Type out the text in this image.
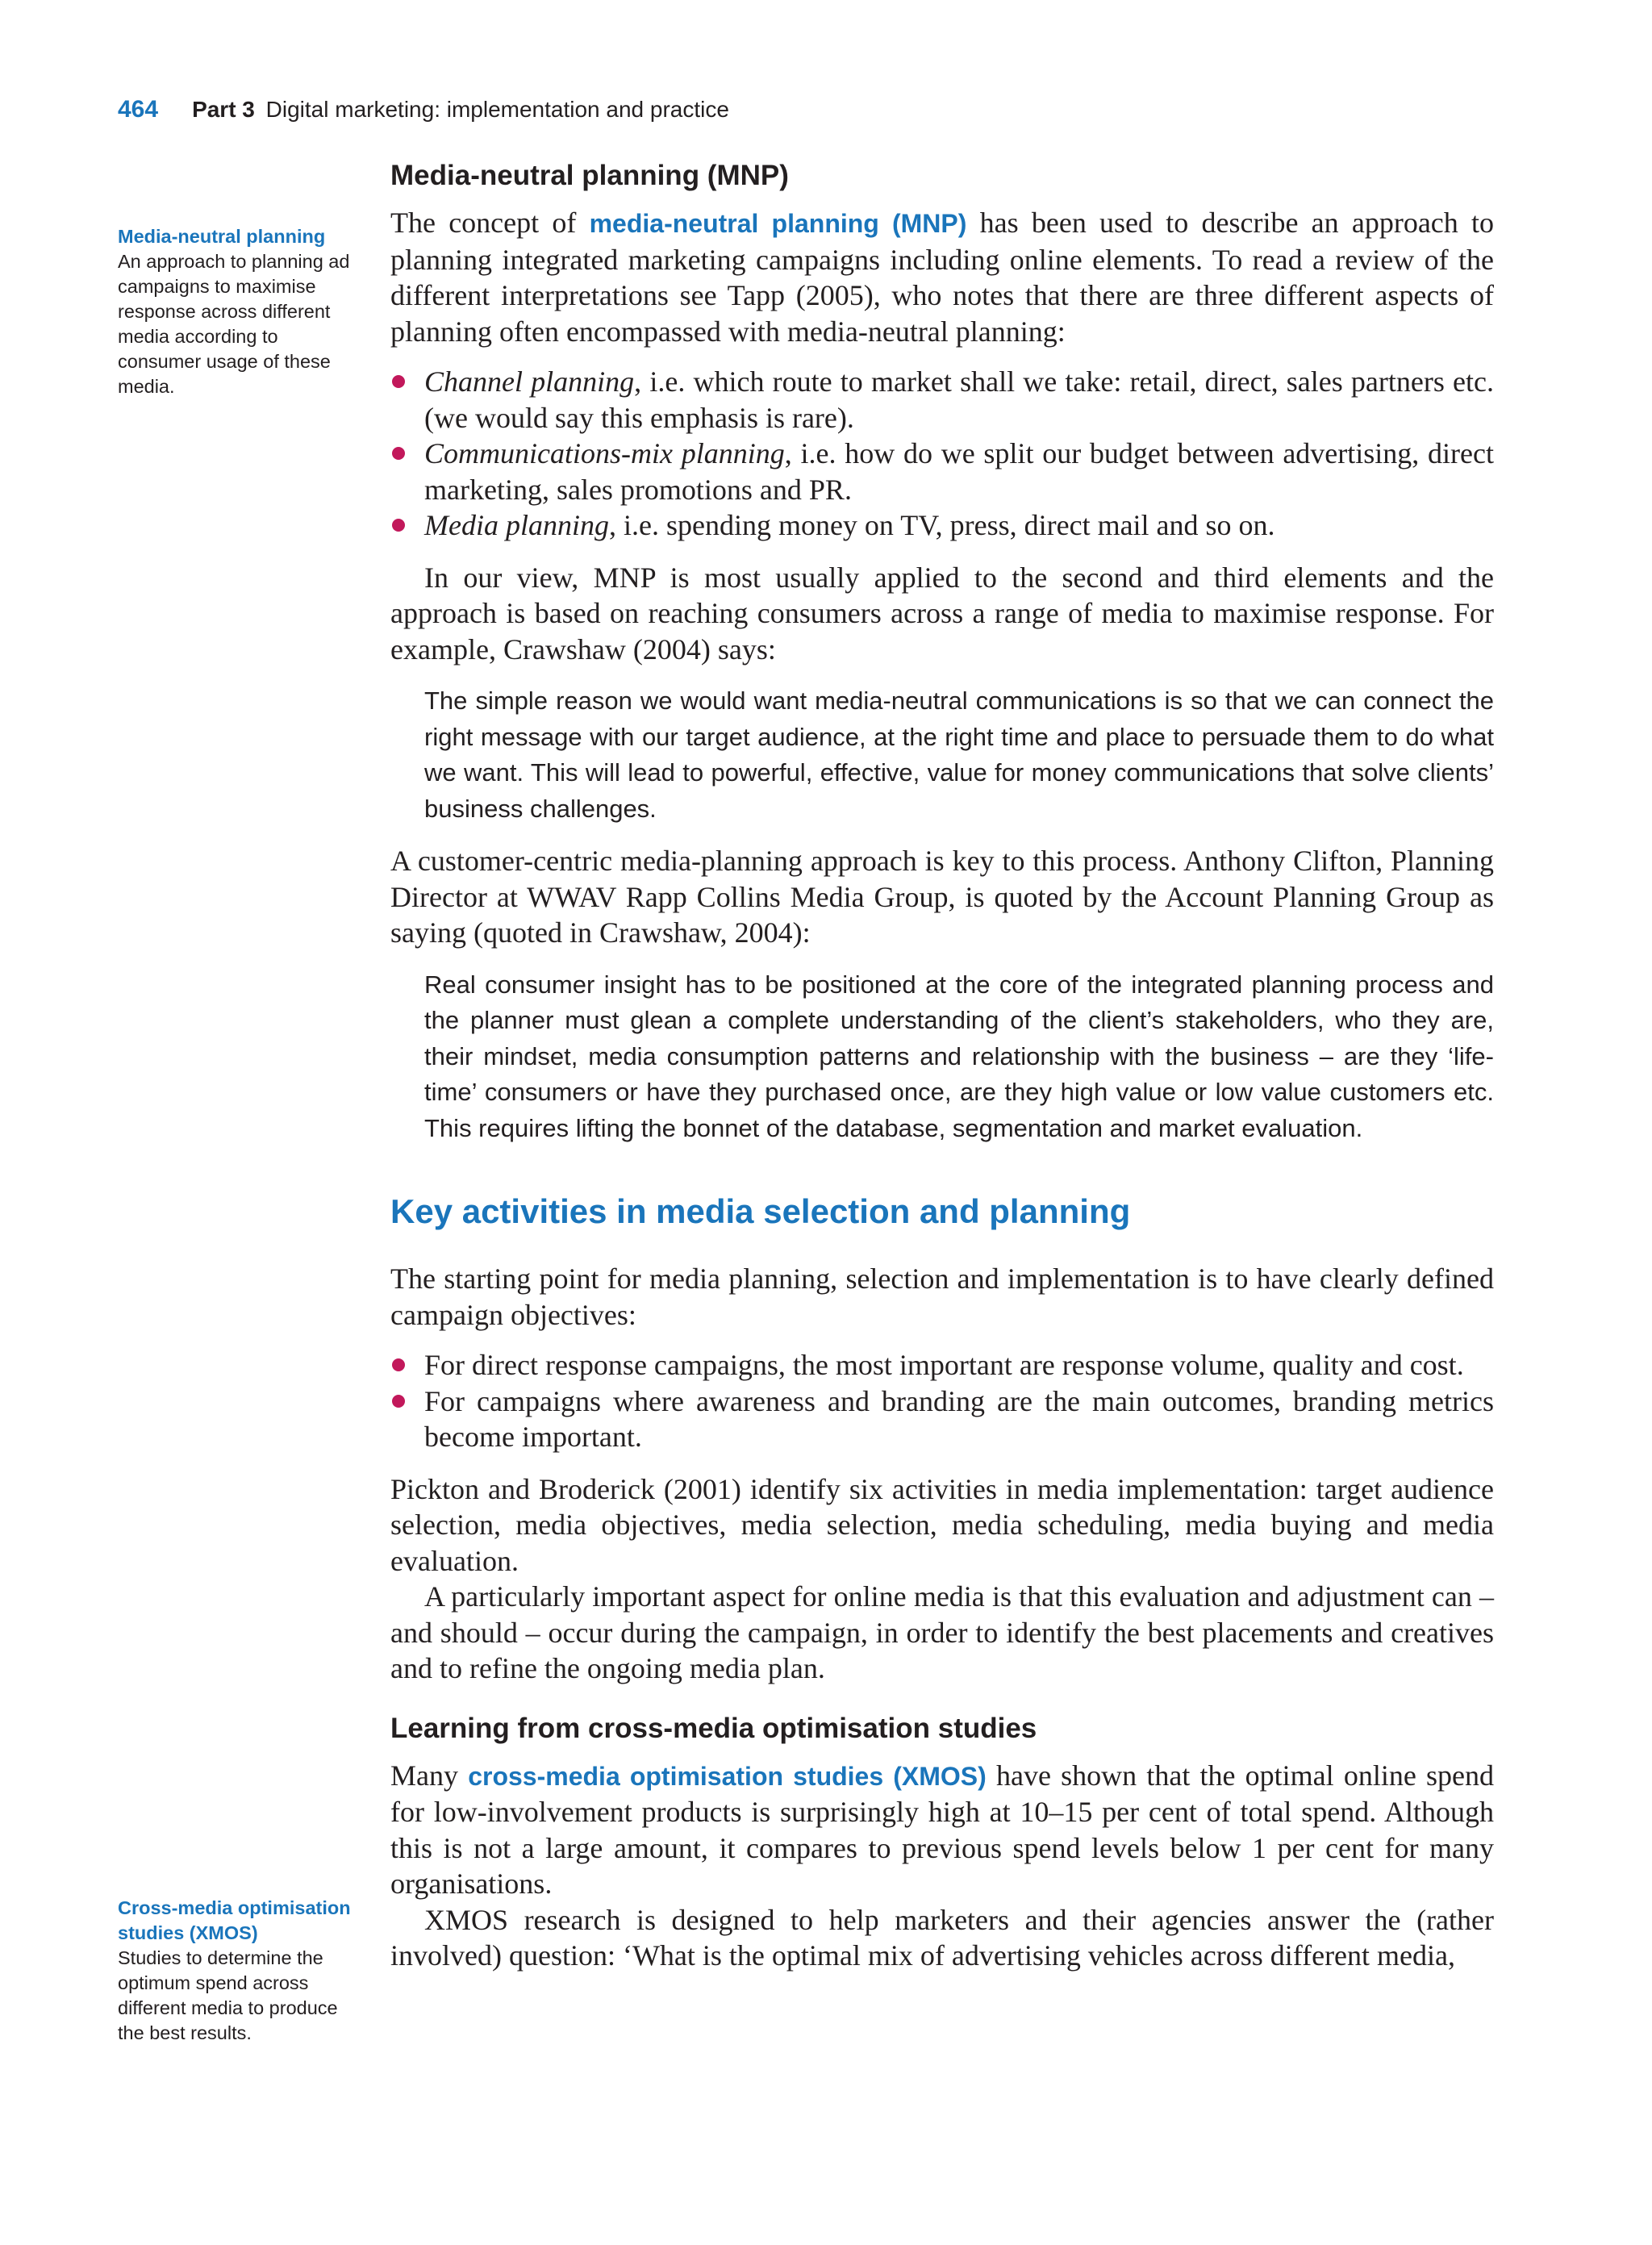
464 Part 3 Digital marketing: implementation and practice
Media-neutral planning
An approach to planning ad campaigns to maximise response across different media according to consumer usage of these media.
Cross-media optimisation studies (XMOS)
Studies to determine the optimum spend across different media to produce the best results.
Media-neutral planning (MNP)

The concept of media-neutral planning (MNP) has been used to describe an approach to planning integrated marketing campaigns including online elements. To read a review of the different interpretations see Tapp (2005), who notes that there are three different aspects of planning often encompassed with media-neutral planning:

Channel planning, i.e. which route to market shall we take: retail, direct, sales partners etc. (we would say this emphasis is rare).
Communications-mix planning, i.e. how do we split our budget between advertising, direct marketing, sales promotions and PR.
Media planning, i.e. spending money on TV, press, direct mail and so on.

In our view, MNP is most usually applied to the second and third elements and the approach is based on reaching consumers across a range of media to maximise response. For example, Crawshaw (2004) says:

The simple reason we would want media-neutral communications is so that we can connect the right message with our target audience, at the right time and place to persuade them to do what we want. This will lead to powerful, effective, value for money communications that solve clients’ business challenges.

A customer-centric media-planning approach is key to this process. Anthony Clifton, Planning Director at WWAV Rapp Collins Media Group, is quoted by the Account Planning Group as saying (quoted in Crawshaw, 2004):

Real consumer insight has to be positioned at the core of the integrated planning process and the planner must glean a complete understanding of the client’s stakeholders, who they are, their mindset, media consumption patterns and relationship with the business – are they ‘life-time’ consumers or have they purchased once, are they high value or low value customers etc. This requires lifting the bonnet of the database, segmentation and market evaluation.

Key activities in media selection and planning

The starting point for media planning, selection and implementation is to have clearly defined campaign objectives:

For direct response campaigns, the most important are response volume, quality and cost.
For campaigns where awareness and branding are the main outcomes, branding metrics become important.

Pickton and Broderick (2001) identify six activities in media implementation: target audience selection, media objectives, media selection, media scheduling, media buying and media evaluation.

A particularly important aspect for online media is that this evaluation and adjustment can – and should – occur during the campaign, in order to identify the best placements and creatives and to refine the ongoing media plan.

Learning from cross-media optimisation studies

Many cross-media optimisation studies (XMOS) have shown that the optimal online spend for low-involvement products is surprisingly high at 10–15 per cent of total spend. Although this is not a large amount, it compares to previous spend levels below 1 per cent for many organisations.

XMOS research is designed to help marketers and their agencies answer the (rather involved) question: ‘What is the optimal mix of advertising vehicles across different media,
